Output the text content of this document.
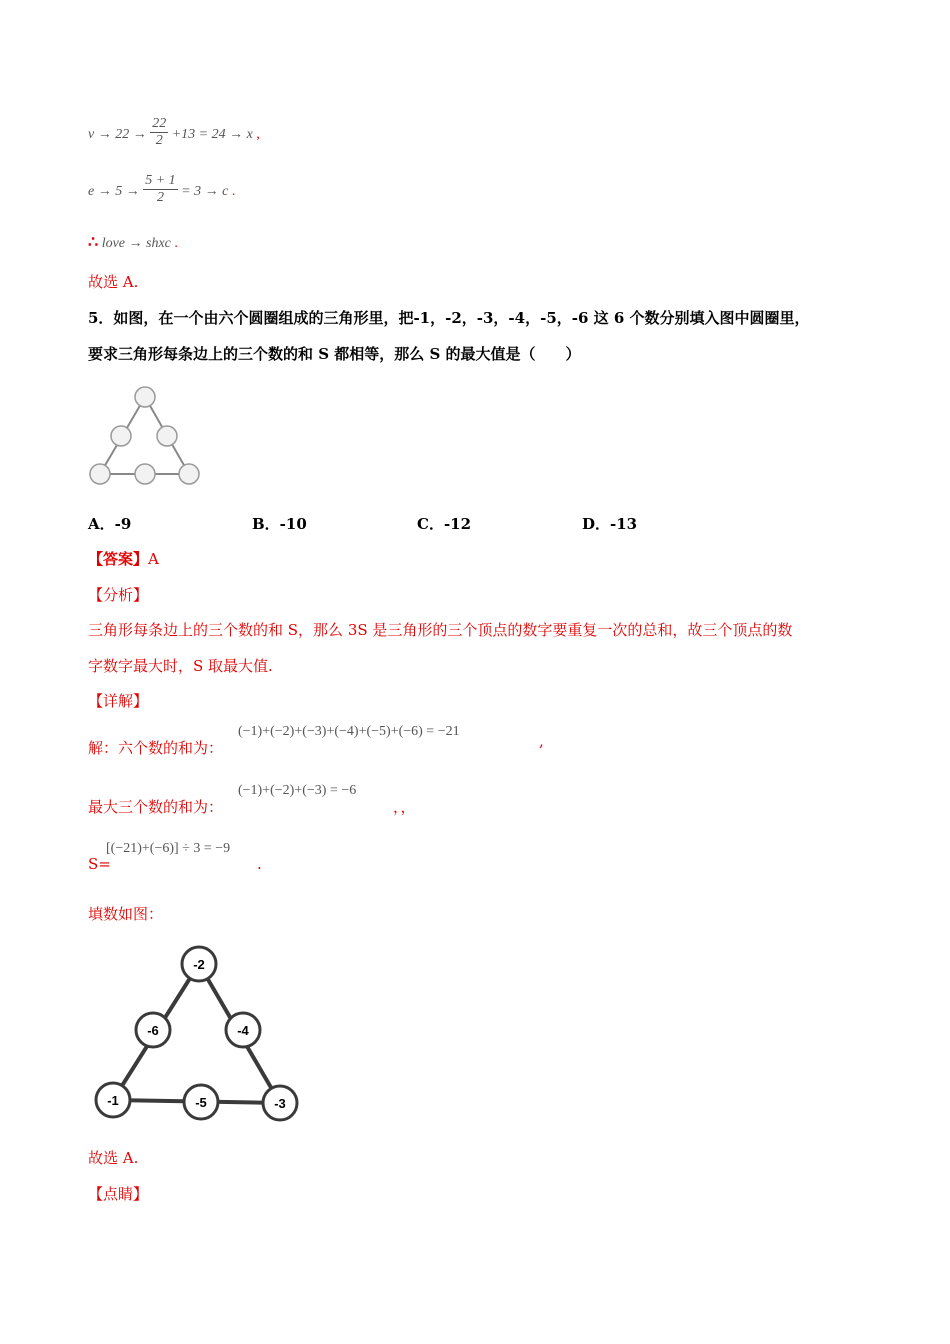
$v \to 22 \to \frac{22}{2} +13 = 24 \to x$ ,
$e \to 5 \to \frac{5 + 1}{2} = 3 \to c$ .
∴ love → shxc .
故选 A.
5．如图，在一个由六个圆圈组成的三角形里，把-1，-2，-3，-4，-5，-6 这 6 个数分别填入图中圆圈里，
要求三角形每条边上的三个数的和 S 都相等，那么 S 的最大值是（　　）
A．-9	B．-10	C．-12	D．-13
【答案】A
【分析】
三角形每条边上的三个数的和 S，那么 3S 是三角形的三个顶点的数字要重复一次的总和，故三个顶点的数
字数字最大时，S 取最大值.
【详解】
解：六个数的和为：
(−1)+(−2)+(−3)+(−4)+(−5)+(−6) = −21
,
最大三个数的和为：
(−1)+(−2)+(−3) = −6
，，
S=
[(−21)+(−6)] ÷ 3 = −9
.
填数如图：
-2
-6	-4
-1	-5	-3
故选 A.
【点睛】
